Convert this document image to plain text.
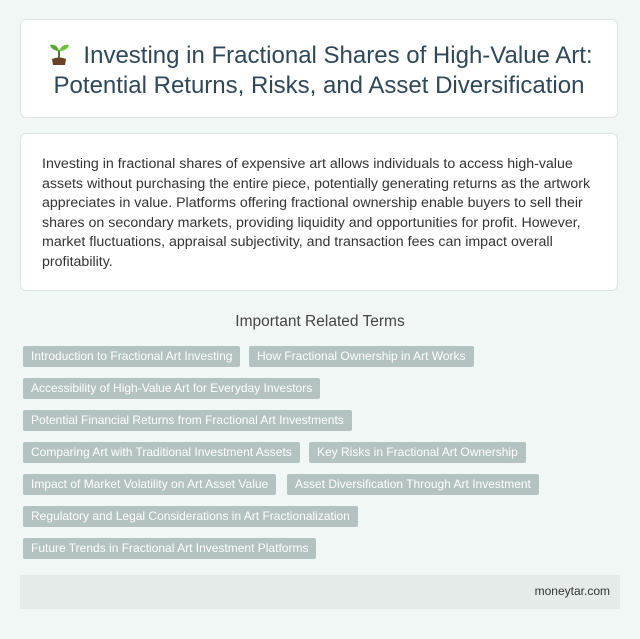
Investing in Fractional Shares of High-Value Art: Potential Returns, Risks, and Asset Diversification

Investing in fractional shares of expensive art allows individuals to access high-value assets without purchasing the entire piece, potentially generating returns as the artwork appreciates in value. Platforms offering fractional ownership enable buyers to sell their shares on secondary markets, providing liquidity and opportunities for profit. However, market fluctuations, appraisal subjectivity, and transaction fees can impact overall profitability.

Important Related Terms
Introduction to Fractional Art Investing	How Fractional Ownership in Art Works
Accessibility of High-Value Art for Everyday Investors
Potential Financial Returns from Fractional Art Investments
Comparing Art with Traditional Investment Assets	Key Risks in Fractional Art Ownership
Impact of Market Volatility on Art Asset Value	Asset Diversification Through Art Investment
Regulatory and Legal Considerations in Art Fractionalization
Future Trends in Fractional Art Investment Platforms
moneytar.com
